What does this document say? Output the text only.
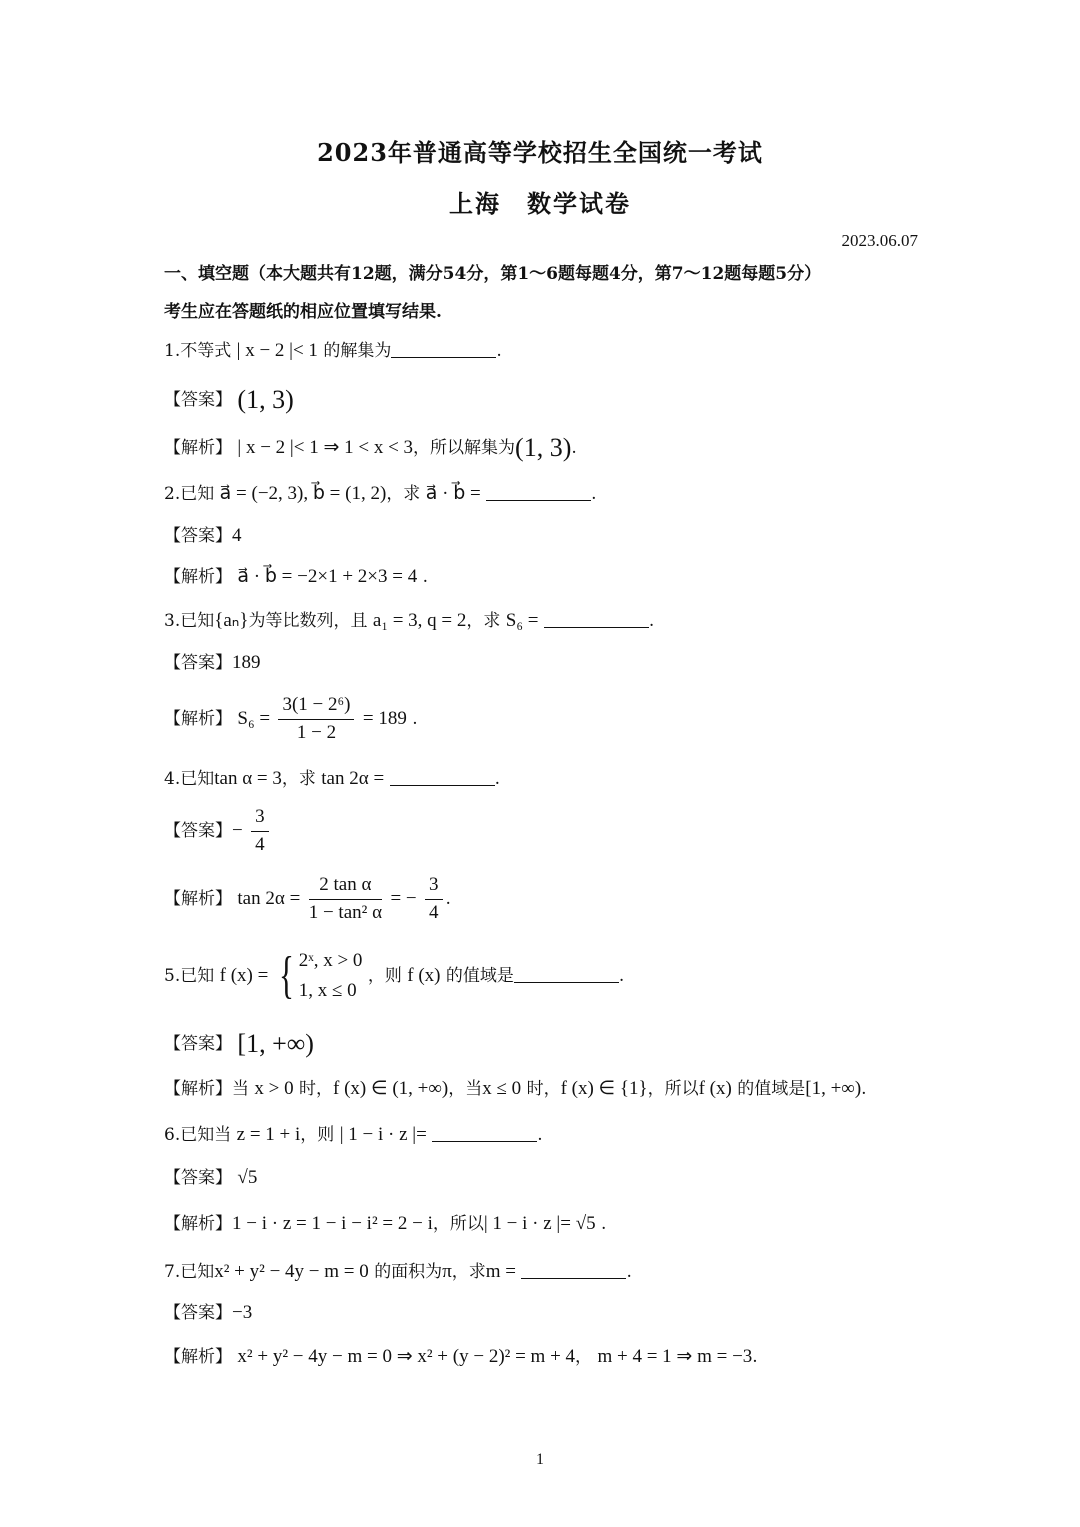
2023年普通高等学校招生全国统一考试
上海　数学试卷
2023.06.07
一、填空题（本大题共有12题，满分54分，第1～6题每题4分，第7～12题每题5分）
考生应在答题纸的相应位置填写结果.
1.不等式 | x − 2 |< 1 的解集为	.
【答案】 (1, 3)
【解析】 | x − 2 |< 1 ⇒ 1 < x < 3，所以解集为(1, 3).
2.已知 a⃗ = (−2, 3), b⃗ = (1, 2)，求 a⃗ · b⃗ =	.
【答案】4
【解析】 a⃗ · b⃗ = −2×1 + 2×3 = 4 .
3.已知{aₙ}为等比数列，且 a₁ = 3, q = 2，求 S₆ =	.
【答案】189
【解析】 $S_6 = \frac{\text{3(1 − 2⁶)}}{1 - 2} = 189$ .
4.已知tan α = 3，求 tan 2α =	.
【答案】− $\frac{3}{4}$
【解析】 $\tan 2\alpha = \frac{\text{2 tan α}}{\text{1 − tan² α}}$ = − $\frac{3}{4}$ .
5.已知 f (x) = { 2ˣ, x > 0
1, x ≤ 0
，则 f (x) 的值域是	.
【答案】 [1, +∞)
【解析】当 x > 0 时，f (x) ∈ (1, +∞)，当x ≤ 0 时，f (x) ∈ {1}，所以f (x) 的值域是[1, +∞).
6.已知当 z = 1 + i，则 | 1 − i · z |=	.
【答案】 √5
【解析】1 − i · z = 1 − i − i² = 2 − i，所以| 1 − i · z |= √5 .
7.已知x² + y² − 4y − m = 0 的面积为π，求m =	.
【答案】−3
【解析】 x² + y² − 4y − m = 0 ⇒ x² + (y − 2)² = m + 4， m + 4 = 1 ⇒ m = −3.
1
